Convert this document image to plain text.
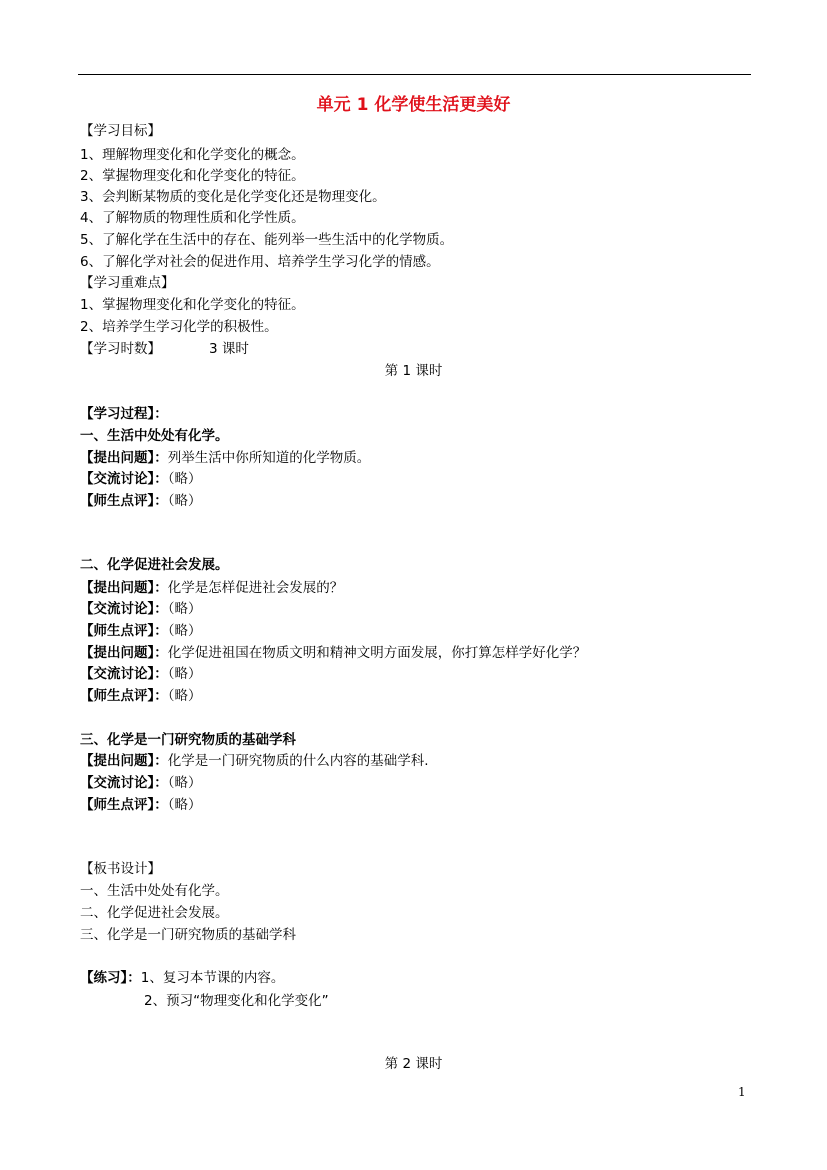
单元 1 化学使生活更美好
【学习目标】
1、理解物理变化和化学变化的概念。
2、掌握物理变化和化学变化的特征。
3、会判断某物质的变化是化学变化还是物理变化。
4、了解物质的物理性质和化学性质。
5、了解化学在生活中的存在、能列举一些生活中的化学物质。
6、了解化学对社会的促进作用、培养学生学习化学的情感。
【学习重难点】
1、掌握物理变化和化学变化的特征。
2、培养学生学习化学的积极性。
【学习时数】	3 课时
第 1 课时
【学习过程】：
一、生活中处处有化学。
【提出问题】：列举生活中你所知道的化学物质。
【交流讨论】：（略）
【师生点评】：（略）
二、化学促进社会发展。
【提出问题】：化学是怎样促进社会发展的？
【交流讨论】：（略）
【师生点评】：（略）
【提出问题】：化学促进祖国在物质文明和精神文明方面发展，你打算怎样学好化学？
【交流讨论】：（略）
【师生点评】：（略）
三、化学是一门研究物质的基础学科
【提出问题】：化学是一门研究物质的什么内容的基础学科.
【交流讨论】：（略）
【师生点评】：（略）
【板书设计】
一、生活中处处有化学。
二、化学促进社会发展。
三、化学是一门研究物质的基础学科
【练习】：1、复习本节课的内容。
2、预习“物理变化和化学变化”
第 2 课时
1
